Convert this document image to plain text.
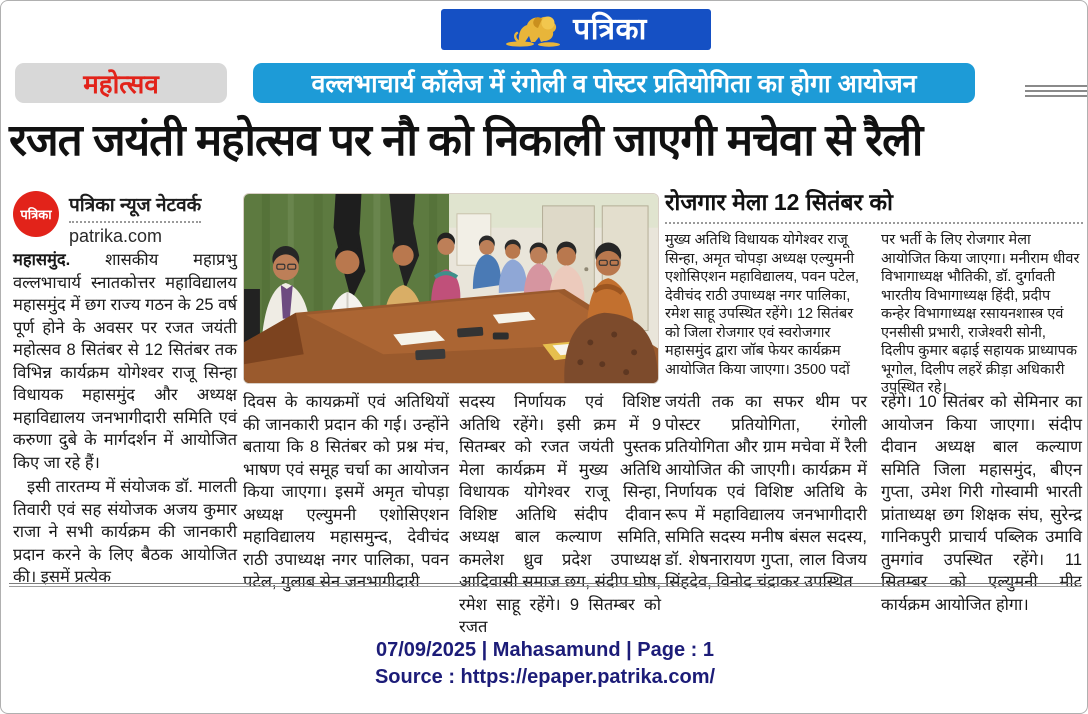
पत्रिका
महोत्सव	वल्लभाचार्य कॉलेज में रंगोली व पोस्टर प्रतियोगिता का होगा आयोजन
रजत जयंती महोत्सव पर नौ को निकाली जाएगी मचेवा से रैली
पत्रिका पत्रिका न्यूज नेटवर्क
patrika.com

महासमुंद. शासकीय महाप्रभु वल्लभाचार्य स्नातकोत्तर महाविद्यालय महासमुंद में छग राज्य गठन के 25 वर्ष पूर्ण होने के अवसर पर रजत जयंती महोत्सव 8 सितंबर से 12 सितंबर तक विभिन्न कार्यक्रम योगेश्वर राजू सिन्हा विधायक महासमुंद और अध्यक्ष महाविद्यालय जनभागीदारी समिति एवं करुणा दुबे के मार्गदर्शन में आयोजित किए जा रहे हैं।

इसी तारतम्य में संयोजक डॉ. मालती तिवारी एवं सह संयोजक अजय कुमार राजा ने सभी कार्यक्रम की जानकारी प्रदान करने के लिए बैठक आयोजित की। इसमें प्रत्येक

दिवस के कायक्रमों एवं अतिथियों की जानकारी प्रदान की गई। उन्होंने बताया कि 8 सितंबर को प्रश्न मंच, भाषण एवं समूह चर्चा का आयोजन किया जाएगा। इसमें अमृत चोपड़ा अध्यक्ष एल्युमनी एशोसिएशन महाविद्यालय महासमुन्द, देवीचंद राठी उपाध्यक्ष नगर पालिका, पवन पटेल, गुलाब सेन जनभागीदारी
सदस्य निर्णायक एवं विशिष्ट अतिथि रहेंगे। इसी क्रम में 9 सितम्बर को रजत जयंती पुस्तक मेला कार्यक्रम में मुख्य अतिथि विधायक योगेश्वर राजू सिन्हा, विशिष्ट अतिथि संदीप दीवान अध्यक्ष बाल कल्याण समिति, कमलेश ध्रुव प्रदेश उपाध्यक्ष आदिवासी समाज छग, संदीप घोष, रमेश साहू रहेंगे। 9 सितम्बर को रजत
रोजगार मेला 12 सितंबर को
मुख्य अतिथि विधायक योगेश्वर राजू सिन्हा, अमृत चोपड़ा अध्यक्ष एल्युमनी एशोसिएशन महाविद्यालय, पवन पटेल, देवीचंद राठी उपाध्यक्ष नगर पालिका, रमेश साहू उपस्थित रहेंगे। 12 सितंबर को जिला रोजगार एवं स्वरोजगार महासमुंद द्वारा जॉब फेयर कार्यक्रम आयोजित किया जाएगा। 3500 पदों
पर भर्ती के लिए रोजगार मेला आयोजित किया जाएगा। मनीराम धीवर विभागाध्यक्ष भौतिकी, डॉ. दुर्गावती भारतीय विभागाध्यक्ष हिंदी, प्रदीप कन्हेर विभागाध्यक्ष रसायनशास्त्र एवं एनसीसी प्रभारी, राजेश्वरी सोनी, दिलीप कुमार बढ़ाई सहायक प्राध्यापक भूगोल, दिलीप लहरें क्रीड़ा अधिकारी उपस्थित रहे।
जयंती तक का सफर थीम पर पोस्टर प्रतियोगिता, रंगोली प्रतियोगिता और ग्राम मचेवा में रैली आयोजित की जाएगी। कार्यक्रम में निर्णायक एवं विशिष्ट अतिथि के रूप में महाविद्यालय जनभागीदारी समिति सदस्य मनीष बंसल सदस्य, डॉ. शेषनारायण गुप्ता, लाल विजय सिंहदेव, विनोद चंद्राकर उपस्थित
रहेंगे। 10 सितंबर को सेमिनार का आयोजन किया जाएगा। संदीप दीवान अध्यक्ष बाल कल्याण समिति जिला महासमुंद, बीएन गुप्ता, उमेश गिरी गोस्वामी भारती प्रांताध्यक्ष छग शिक्षक संघ, सुरेन्द्र गानिकपुरी प्राचार्य पब्लिक उमावि तुमगांव उपस्थित रहेंगे। 11 सितम्बर को एल्युमनी मीट कार्यक्रम आयोजित होगा।
07/09/2025 | Mahasamund | Page : 1
Source : https://epaper.patrika.com/
